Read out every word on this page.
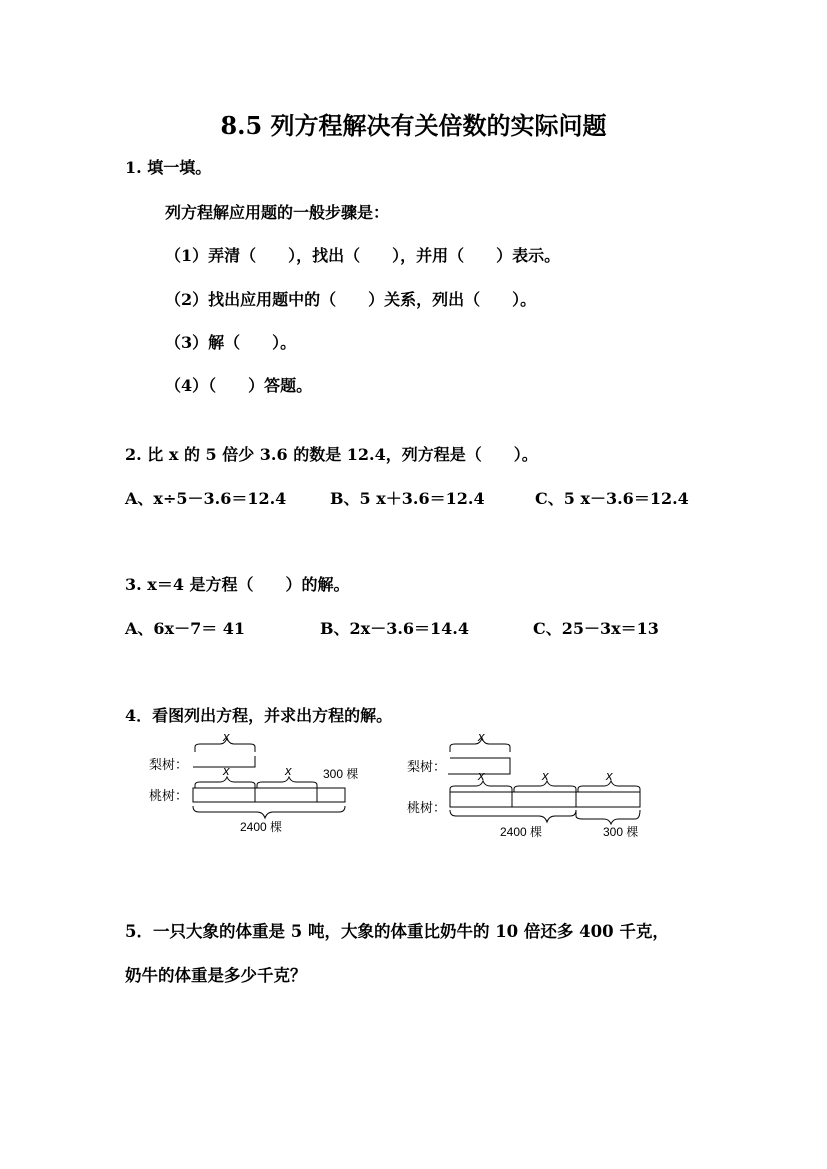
8.5 列方程解决有关倍数的实际问题
1. 填一填。
列方程解应用题的一般步骤是：
（1）弄清（　　），找出（　　），并用（　　）表示。
（2）找出应用题中的（　　）关系，列出（　　）。
（3）解（　　）。
（4）（　　）答题。
2. 比 x 的 5 倍少 3.6 的数是 12.4，列方程是（　　）。
A、x÷5－3.6＝12.4	B、5 x＋3.6＝12.4	C、5 x－3.6＝12.4
3. x＝4 是方程（　　）的解。
A、6x－7＝ 41	B、2x－3.6＝14.4	C、25－3x＝13
4．看图列出方程，并求出方程的解。
梨树：
桃树：
x
x	x	300 棵
2400 棵
梨树：
桃树：
x
x	x	x
2400 棵	300 棵
5．一只大象的体重是 5 吨，大象的体重比奶牛的 10 倍还多 400 千克，
奶牛的体重是多少千克？
